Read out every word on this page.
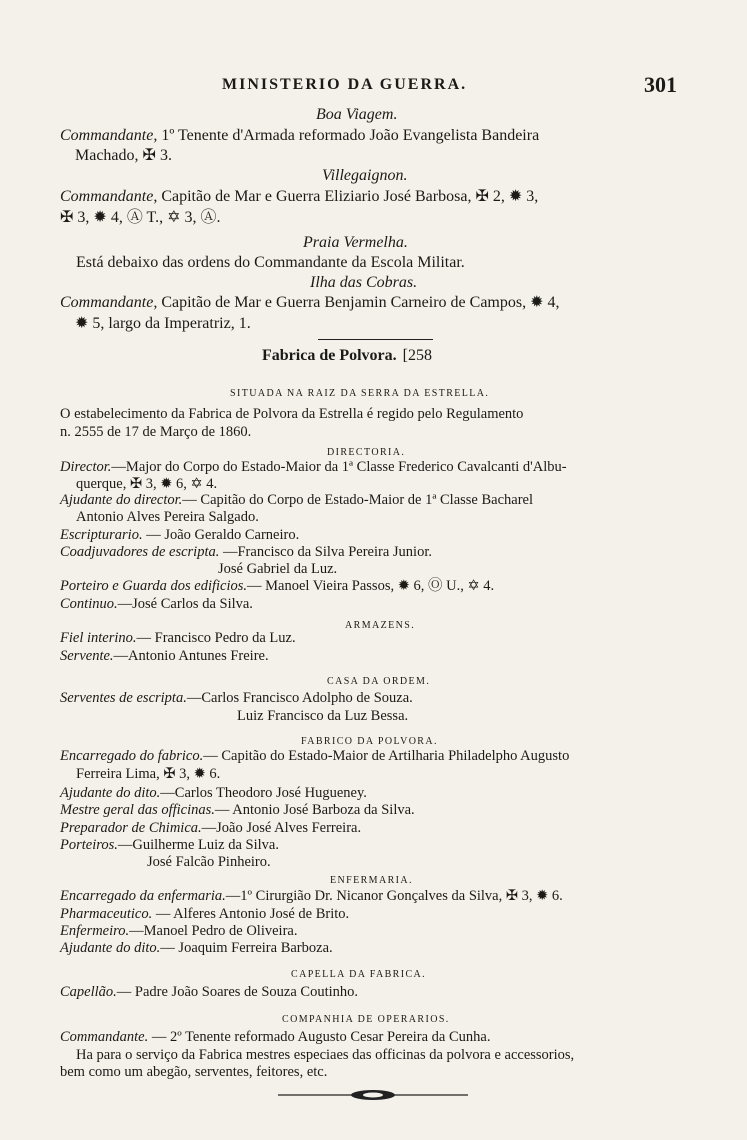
MINISTERIO DA GUERRA.	301
Boa Viagem.
Commandante, 1º Tenente d'Armada reformado João Evangelista Bandeira
Machado, ✠ 3.
Villegaignon.
Commandante, Capitão de Mar e Guerra Eliziario José Barbosa, ✠ 2, ✹ 3,
✠ 3, ✹ 4, Ⓐ T., ✡ 3, Ⓐ.
Praia Vermelha.
Está debaixo das ordens do Commandante da Escola Militar.
Ilha das Cobras.
Commandante, Capitão de Mar e Guerra Benjamin Carneiro de Campos, ✹ 4,
✹ 5, largo da Imperatriz, 1.
Fabrica de Polvora. [258
SITUADA NA RAIZ DA SERRA DA ESTRELLA.
O estabelecimento da Fabrica de Polvora da Estrella é regido pelo Regulamento
n. 2555 de 17 de Março de 1860.
DIRECTORIA.
Director.—Major do Corpo do Estado-Maior da 1ª Classe Frederico Cavalcanti d'Albu-
querque, ✠ 3, ✹ 6, ✡ 4.
Ajudante do director.— Capitão do Corpo de Estado-Maior de 1ª Classe Bacharel
Antonio Alves Pereira Salgado.
Escripturario. — João Geraldo Carneiro.
Coadjuvadores de escripta. —Francisco da Silva Pereira Junior.
José Gabriel da Luz.
Porteiro e Guarda dos edificios.— Manoel Vieira Passos, ✹ 6, Ⓞ U., ✡ 4.
Continuo.—José Carlos da Silva.
ARMAZENS.
Fiel interino.— Francisco Pedro da Luz.
Servente.—Antonio Antunes Freire.
CASA DA ORDEM.
Serventes de escripta.—Carlos Francisco Adolpho de Souza.
Luiz Francisco da Luz Bessa.
FABRICO DA POLVORA.
Encarregado do fabrico.— Capitão do Estado-Maior de Artilharia Philadelpho Augusto
Ferreira Lima, ✠ 3, ✹ 6.
Ajudante do dito.—Carlos Theodoro José Hugueney.
Mestre geral das officinas.— Antonio José Barboza da Silva.
Preparador de Chimica.—João José Alves Ferreira.
Porteiros.—Guilherme Luiz da Silva.
José Falcão Pinheiro.
ENFERMARIA.
Encarregado da enfermaria.—1º Cirurgião Dr. Nicanor Gonçalves da Silva, ✠ 3, ✹ 6.
Pharmaceutico. — Alferes Antonio José de Brito.
Enfermeiro.—Manoel Pedro de Oliveira.
Ajudante do dito.— Joaquim Ferreira Barboza.
CAPELLA DA FABRICA.
Capellão.— Padre João Soares de Souza Coutinho.
COMPANHIA DE OPERARIOS.
Commandante. — 2º Tenente reformado Augusto Cesar Pereira da Cunha.
Ha para o serviço da Fabrica mestres especiaes das officinas da polvora e accessorios,
bem como um abegão, serventes, feitores, etc.
